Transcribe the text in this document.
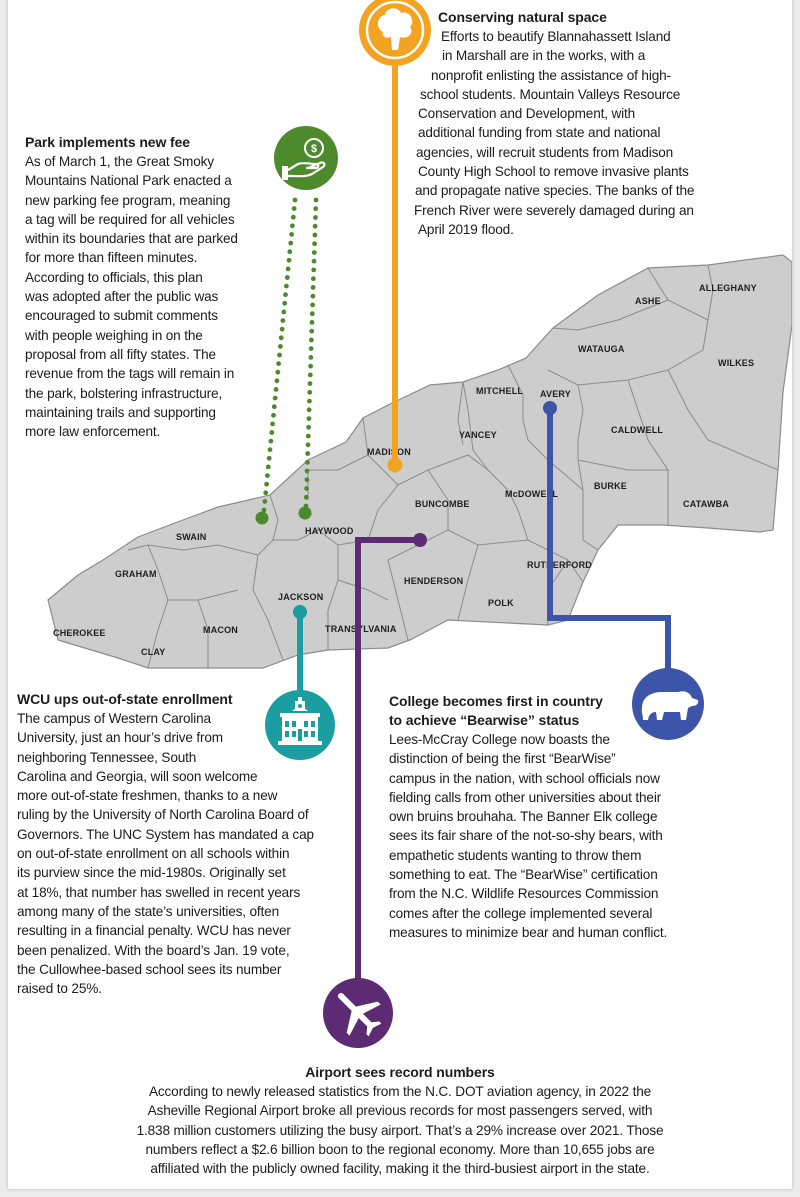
ASHE
ALLEGHANY
WATAUGA
WILKES
MITCHELL AVERY
YANCEY	CALDWELL
MADISON
BUNCOMBE
McDOWELL
BURKE
CATAWBA
SWAIN
HAYWOOD
GRAHAM
JACKSON
RUTHERFORD
HENDERSON
POLK
CHEROKEE	MACON
CLAY
TRANSYLVANIA
$
Conserving natural space

Efforts to beautify Blannahassett Island

in Marshall are in the works, with a

nonprofit enlisting the assistance of high-

school students. Mountain Valleys Resource

Conservation and Development, with

additional funding from state and national

agencies, will recruit students from Madison

County High School to remove invasive plants

and propagate native species. The banks of the

French River were severely damaged during an

April 2019 flood.

Park implements new fee

As of March 1, the Great Smoky

Mountains National Park enacted a

new parking fee program, meaning

a tag will be required for all vehicles

within its boundaries that are parked

for more than fifteen minutes.

According to officials, this plan

was adopted after the public was

encouraged to submit comments

with people weighing in on the

proposal from all fifty states. The

revenue from the tags will remain in

the park, bolstering infrastructure,

maintaining trails and supporting

more law enforcement.

WCU ups out-of-state enrollment

The campus of Western Carolina

University, just an hour’s drive from

neighboring Tennessee, South

Carolina and Georgia, will soon welcome

more out-of-state freshmen, thanks to a new

ruling by the University of North Carolina Board of

Governors. The UNC System has mandated a cap

on out-of-state enrollment on all schools within

its purview since the mid-1980s. Originally set

at 18%, that number has swelled in recent years

among many of the state’s universities, often

resulting in a financial penalty. WCU has never

been penalized. With the board’s Jan. 19 vote,

the Cullowhee-based school sees its number

raised to 25%.

College becomes first in country
to achieve “Bearwise” status

Lees-McCray College now boasts the

distinction of being the first “BearWise”

campus in the nation, with school officials now

fielding calls from other universities about their

own bruins brouhaha. The Banner Elk college

sees its fair share of the not-so-shy bears, with

empathetic students wanting to throw them

something to eat. The “BearWise” certification

from the N.C. Wildlife Resources Commission

comes after the college implemented several

measures to minimize bear and human conflict.

Airport sees record numbers

According to newly released statistics from the N.C. DOT aviation agency, in 2022 the

Asheville Regional Airport broke all previous records for most passengers served, with

1.838 million customers utilizing the busy airport. That’s a 29% increase over 2021. Those

numbers reflect a $2.6 billion boon to the regional economy. More than 10,655 jobs are

affiliated with the publicly owned facility, making it the third-busiest airport in the state.
